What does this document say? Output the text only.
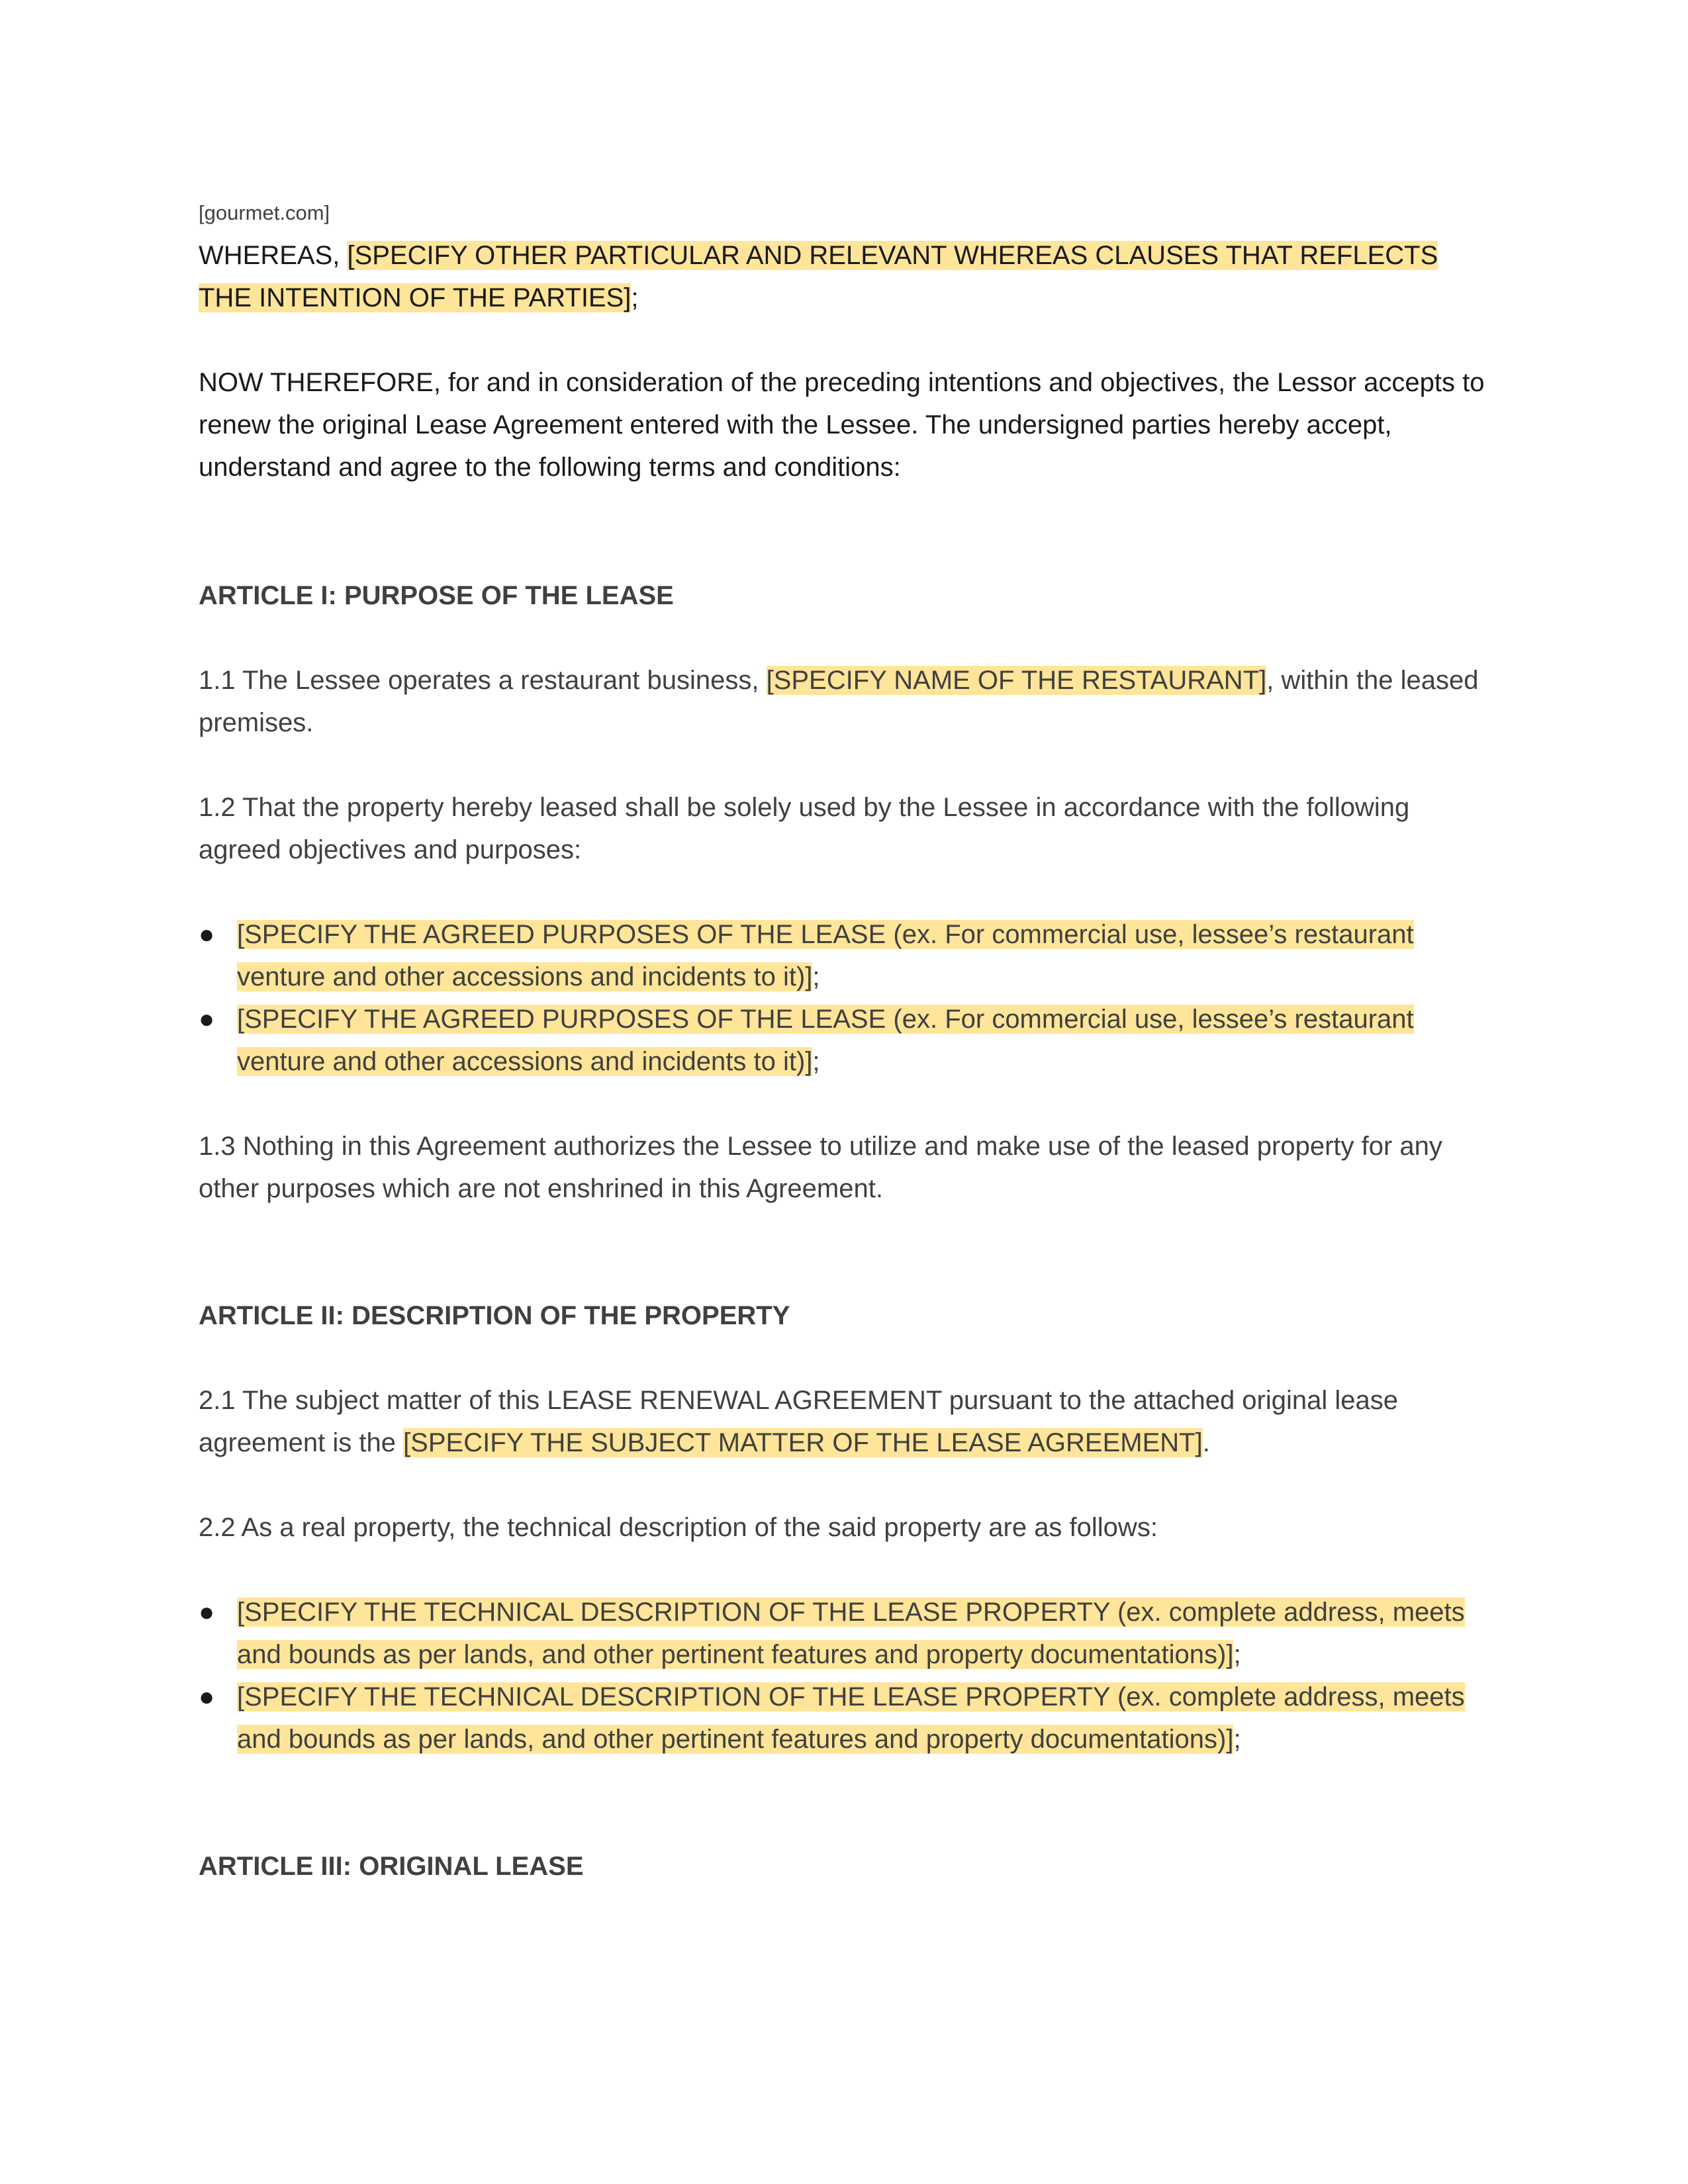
[gourmet.com]

WHEREAS, [SPECIFY OTHER PARTICULAR AND RELEVANT WHEREAS CLAUSES THAT REFLECTS THE INTENTION OF THE PARTIES];

NOW THEREFORE, for and in consideration of the preceding intentions and objectives, the Lessor accepts to renew the original Lease Agreement entered with the Lessee. The undersigned parties hereby accept, understand and agree to the following terms and conditions:

ARTICLE I: PURPOSE OF THE LEASE

1.1 The Lessee operates a restaurant business, [SPECIFY NAME OF THE RESTAURANT], within the leased premises.

1.2 That the property hereby leased shall be solely used by the Lessee in accordance with the following agreed objectives and purposes:

● [SPECIFY THE AGREED PURPOSES OF THE LEASE (ex. For commercial use, lessee’s restaurant venture and other accessions and incidents to it)];
● [SPECIFY THE AGREED PURPOSES OF THE LEASE (ex. For commercial use, lessee’s restaurant venture and other accessions and incidents to it)];

1.3 Nothing in this Agreement authorizes the Lessee to utilize and make use of the leased property for any other purposes which are not enshrined in this Agreement.

ARTICLE II: DESCRIPTION OF THE PROPERTY

2.1 The subject matter of this LEASE RENEWAL AGREEMENT pursuant to the attached original lease agreement is the [SPECIFY THE SUBJECT MATTER OF THE LEASE AGREEMENT].

2.2 As a real property, the technical description of the said property are as follows:

● [SPECIFY THE TECHNICAL DESCRIPTION OF THE LEASE PROPERTY (ex. complete address, meets and bounds as per lands, and other pertinent features and property documentations)];
● [SPECIFY THE TECHNICAL DESCRIPTION OF THE LEASE PROPERTY (ex. complete address, meets and bounds as per lands, and other pertinent features and property documentations)];
ARTICLE III: ORIGINAL LEASE
